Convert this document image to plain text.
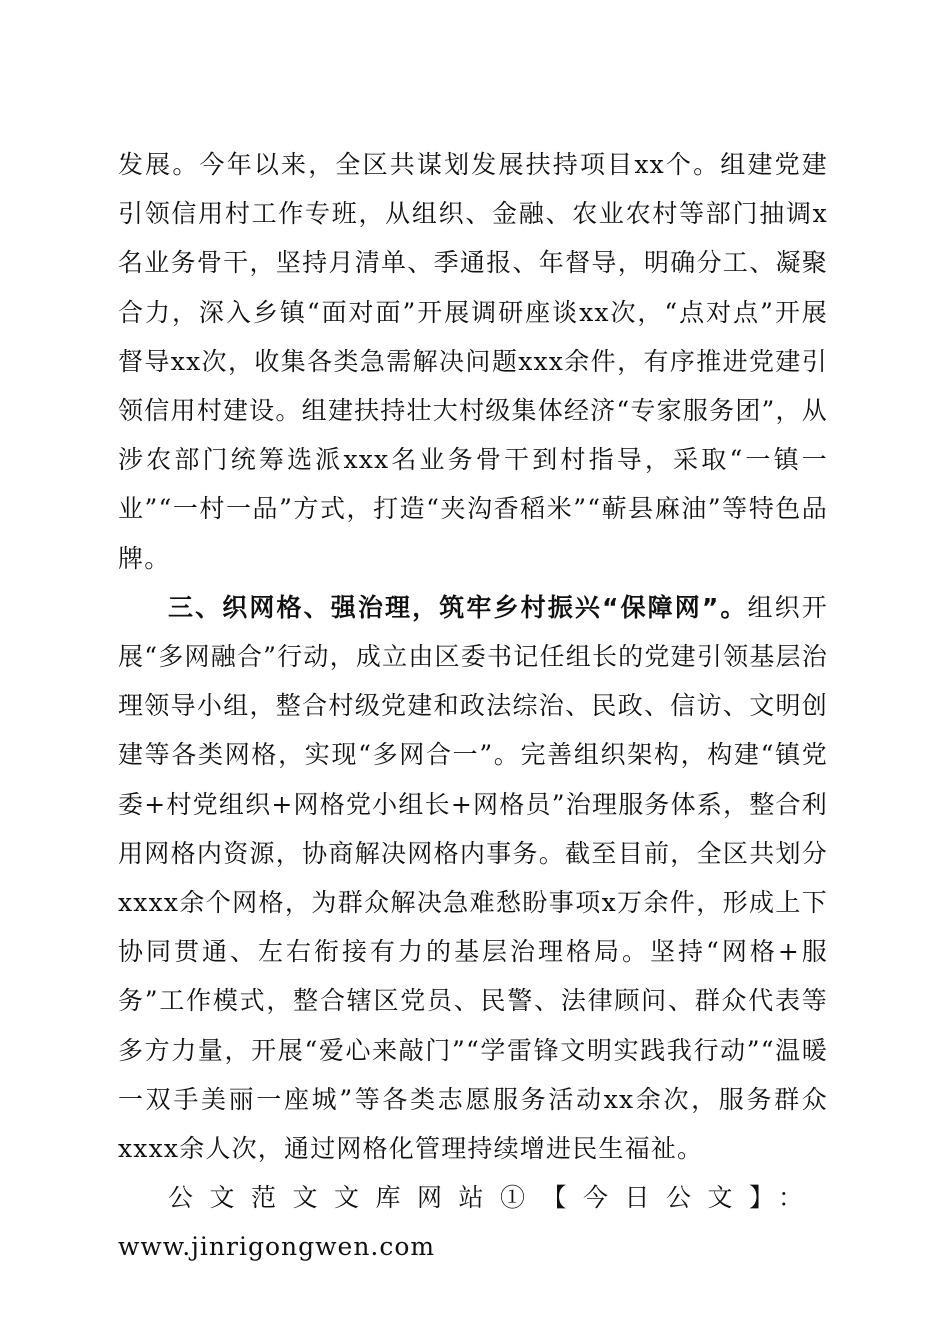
发展。今年以来，全区共谋划发展扶持项目xx个。组建党建引领信用村工作专班，从组织、金融、农业农村等部门抽调x名业务骨干，坚持月清单、季通报、年督导，明确分工、凝聚合力，深入乡镇“面对面”开展调研座谈xx次，“点对点”开展督导xx次，收集各类急需解决问题xxx余件，有序推进党建引领信用村建设。组建扶持壮大村级集体经济“专家服务团”，从涉农部门统筹选派xxx名业务骨干到村指导，采取“一镇一业”“一村一品”方式，打造“夹沟香稻米”“蕲县麻油”等特色品牌。

三、织网格、强治理，筑牢乡村振兴“保障网”。组织开展“多网融合”行动，成立由区委书记任组长的党建引领基层治理领导小组，整合村级党建和政法综治、民政、信访、文明创建等各类网格，实现“多网合一”。完善组织架构，构建“镇党委+村党组织+网格党小组长+网格员”治理服务体系，整合利用网格内资源，协商解决网格内事务。截至目前，全区共划分xxxx余个网格，为群众解决急难愁盼事项x万余件，形成上下协同贯通、左右衔接有力的基层治理格局。坚持“网格+服务”工作模式，整合辖区党员、民警、法律顾问、群众代表等多方力量，开展“爱心来敲门”“学雷锋文明实践我行动”“温暖一双手美丽一座城”等各类志愿服务活动xx余次，服务群众xxxx余人次，通过网格化管理持续增进民生福祉。

公文范文文库网站①【今日公文】：

www.jinrigongwen.com
